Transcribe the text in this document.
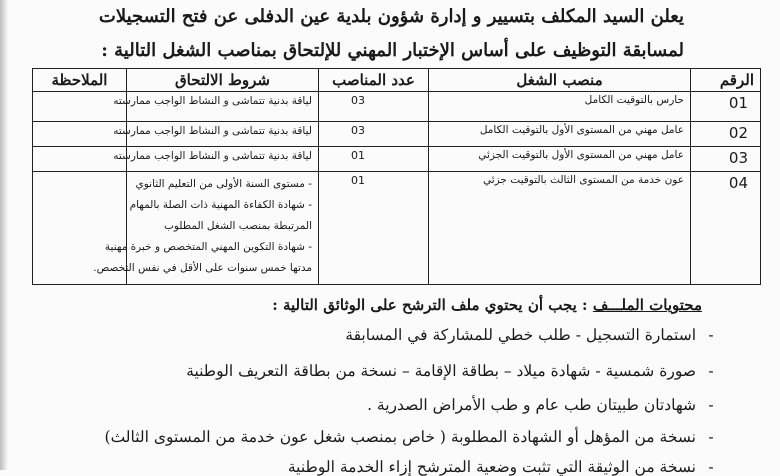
يعلن السيد المكلف بتسيير و إدارة شؤون بلدية عين الدفلى عن فتح التسجيلات
لمسابقة التوظيف على أساس الإختبار المهني للإلتحاق بمناصب الشغل التالية :
الرقم	منصب الشغل	عدد المناصب	شروط الالتحاق	الملاحظة
01	حارس بالتوقيت الكامل	03	لياقة بدنية تتماشى و النشاط الواجب ممارسته	

02	عامل مهني من المستوى الأول بالتوقيت الكامل	03	لياقة بدنية تتماشى و النشاط الواجب ممارسته	

03	عامل مهني من المستوى الأول بالتوقيت الجزئي	01	لياقة بدنية تتماشى و النشاط الواجب ممارسته	

04	عون خدمة من المستوى الثالث بالتوقيت جزئي	01	- مستوى السنة الأولى من التعليم الثانوي
- شهادة الكفاءة المهنية ذات الصلة بالمهام
المرتبطة بمنصب الشغل المطلوب
- شهادة التكوين المهني المتخصص و خبرة مهنية
مدتها خمس سنوات على الأقل في نفس التخصص.	

محتويات الملـــف : يجب أن يحتوي ملف الترشح على الوثائق التالية :
-استمارة التسجيل - طلب خطي للمشاركة في المسابقة
-صورة شمسية - شهادة ميلاد – بطاقة الإقامة – نسخة من بطاقة التعريف الوطنية
-شهادتان طبيتان طب عام و طب الأمراض الصدرية .
-نسخة من المؤهل أو الشهادة المطلوبة ( خاص بمنصب شغل عون خدمة من المستوى الثالث)
-نسخة من الوثيقة التي تثبت وضعية المترشح إزاء الخدمة الوطنية
